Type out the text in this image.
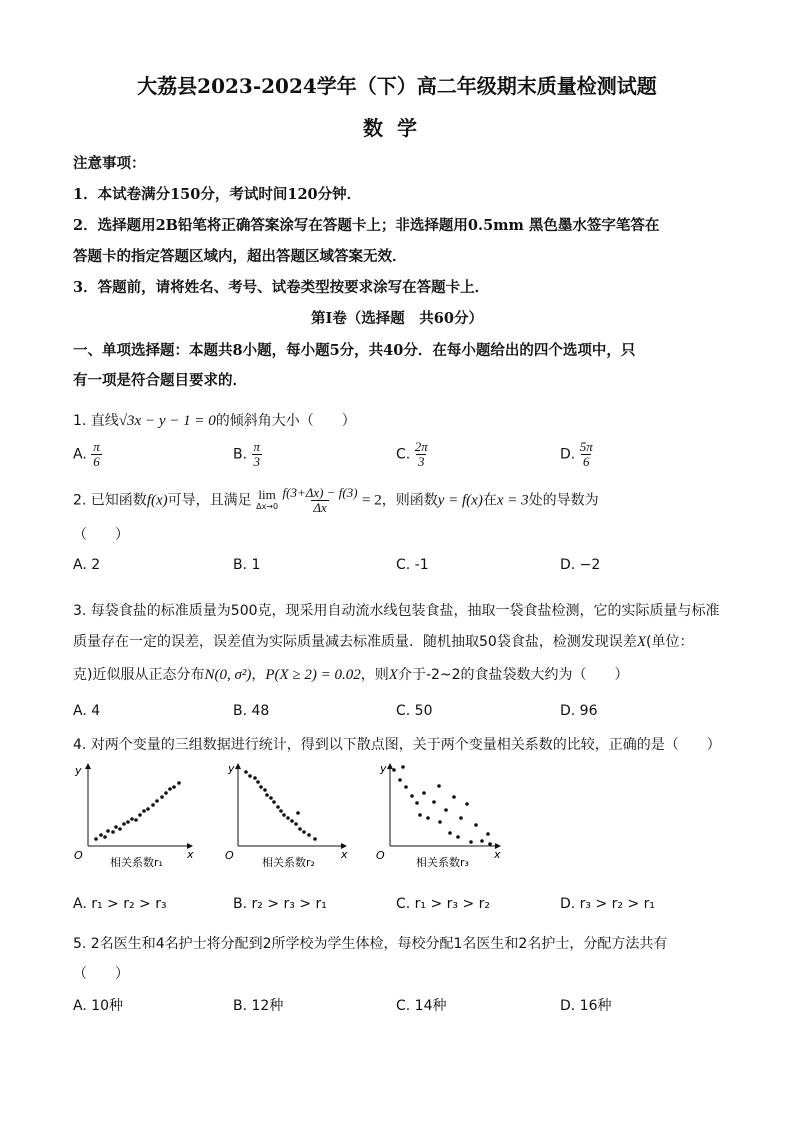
大荔县2023-2024学年（下）高二年级期末质量检测试题
数学
注意事项：
1．本试卷满分150分，考试时间120分钟．
2．选择题用2B铅笔将正确答案涂写在答题卡上；非选择题用0.5mm 黑色墨水签字笔答在
答题卡的指定答题区域内，超出答题区域答案无效．
3．答题前，请将姓名、考号、试卷类型按要求涂写在答题卡上．
第I卷（选择题　共60分）
一、单项选择题：本题共8小题，每小题5分，共40分．在每小题给出的四个选项中，只
有一项是符合题目要求的．
1. 直线√3x − y − 1 = 0的倾斜角大小（　　）
A. $\frac{\pi}{6}$	B. $\frac{\pi}{3}$	C. $\frac{2\pi}{3}$	D. $\frac{5\pi}{6}$
2. 已知函数f(x)可导，且满足 lim
Δx→0
$\frac{f(3+\Delta x) - f(3)}{\Delta x} = 2$，则函数y = f(x)在x = 3处的导数为
（　　）
A. 2	B. 1	C. -1	D. −2
3. 每袋食盐的标准质量为500克，现采用自动流水线包装食盐，抽取一袋食盐检测，它的实际质量与标准
质量存在一定的误差，误差值为实际质量减去标准质量．随机抽取50袋食盐，检测发现误差X(单位：
克)近似服从正态分布N(0, σ²)，P(X ≥ 2) = 0.02，则X介于-2~2的食盐袋数大约为（　　）
A. 4	B. 48	C. 50	D. 96
4. 对两个变量的三组数据进行统计，得到以下散点图，关于两个变量相关系数的比较，正确的是（　　）
y
x
O
相关系数r₁
y
x
O
相关系数r₂
y
x
O
相关系数r₃
A. r₁ > r₂ > r₃	B. r₂ > r₃ > r₁	C. r₁ > r₃ > r₂	D. r₃ > r₂ > r₁
5. 2名医生和4名护士将分配到2所学校为学生体检，每校分配1名医生和2名护士，分配方法共有
（　　）
A. 10种	B. 12种	C. 14种	D. 16种
